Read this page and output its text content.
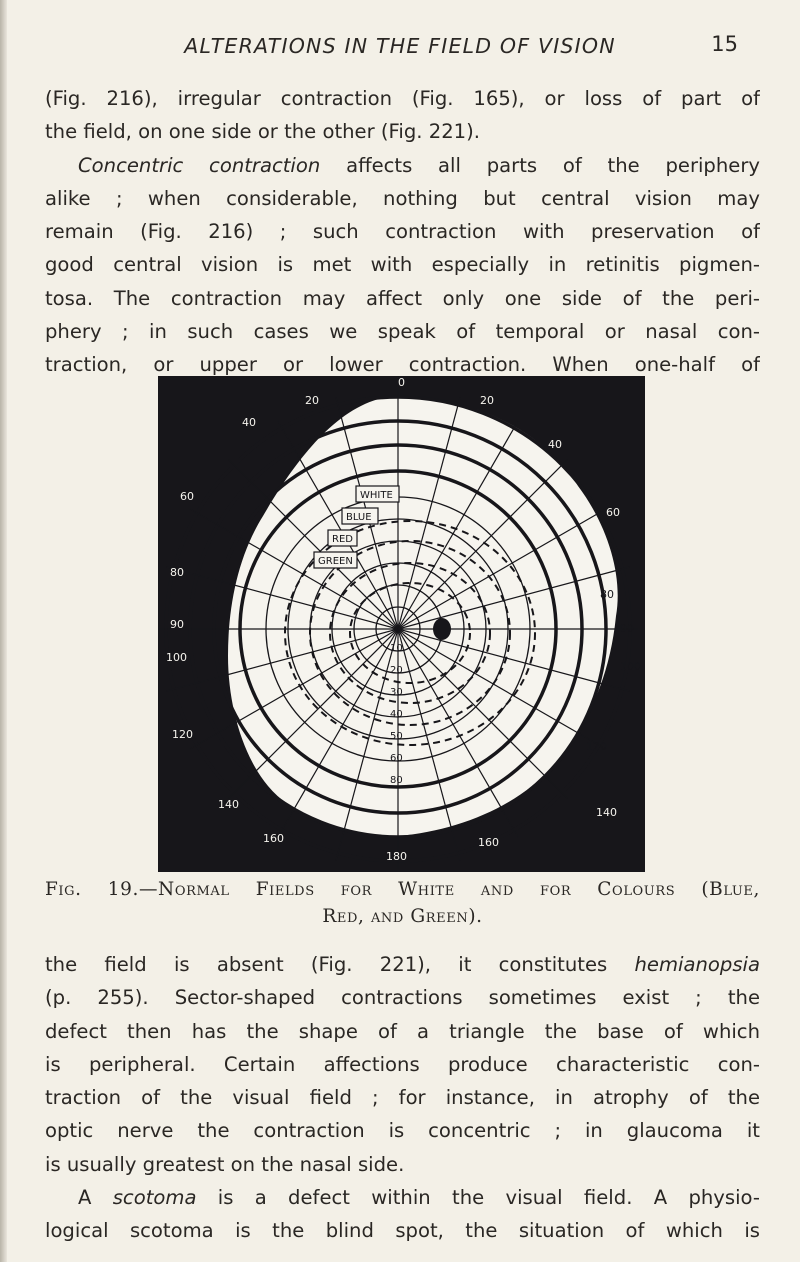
ALTERATIONS IN THE FIELD OF VISION	15
(Fig. 216), irregular contraction (Fig. 165), or loss of part of
the field, on one side or the other (Fig. 221).
Concentric contraction affects all parts of the periphery
alike ; when considerable, nothing but central vision may
remain (Fig. 216) ; such contraction with preservation of
good central vision is met with especially in retinitis pigmen-
tosa. The contraction may affect only one side of the peri-
phery ; in such cases we speak of temporal or nasal con-
traction, or upper or lower contraction. When one-half of
0
20	20
40
40
60
60
80
80
90	90
100
100
120
120
140
140
160	160
180
10
20
30
40
50
60
80
WHITE
BLUE
RED
GREEN
Fig. 19.—Normal Fields for White and for Colours (Blue,
Red, and Green).
the field is absent (Fig. 221), it constitutes hemianopsia
(p. 255). Sector-shaped contractions sometimes exist ; the
defect then has the shape of a triangle the base of which
is peripheral. Certain affections produce characteristic con-
traction of the visual field ; for instance, in atrophy of the
optic nerve the contraction is concentric ; in glaucoma it
is usually greatest on the nasal side.
A scotoma is a defect within the visual field. A physio-
logical scotoma is the blind spot, the situation of which is
